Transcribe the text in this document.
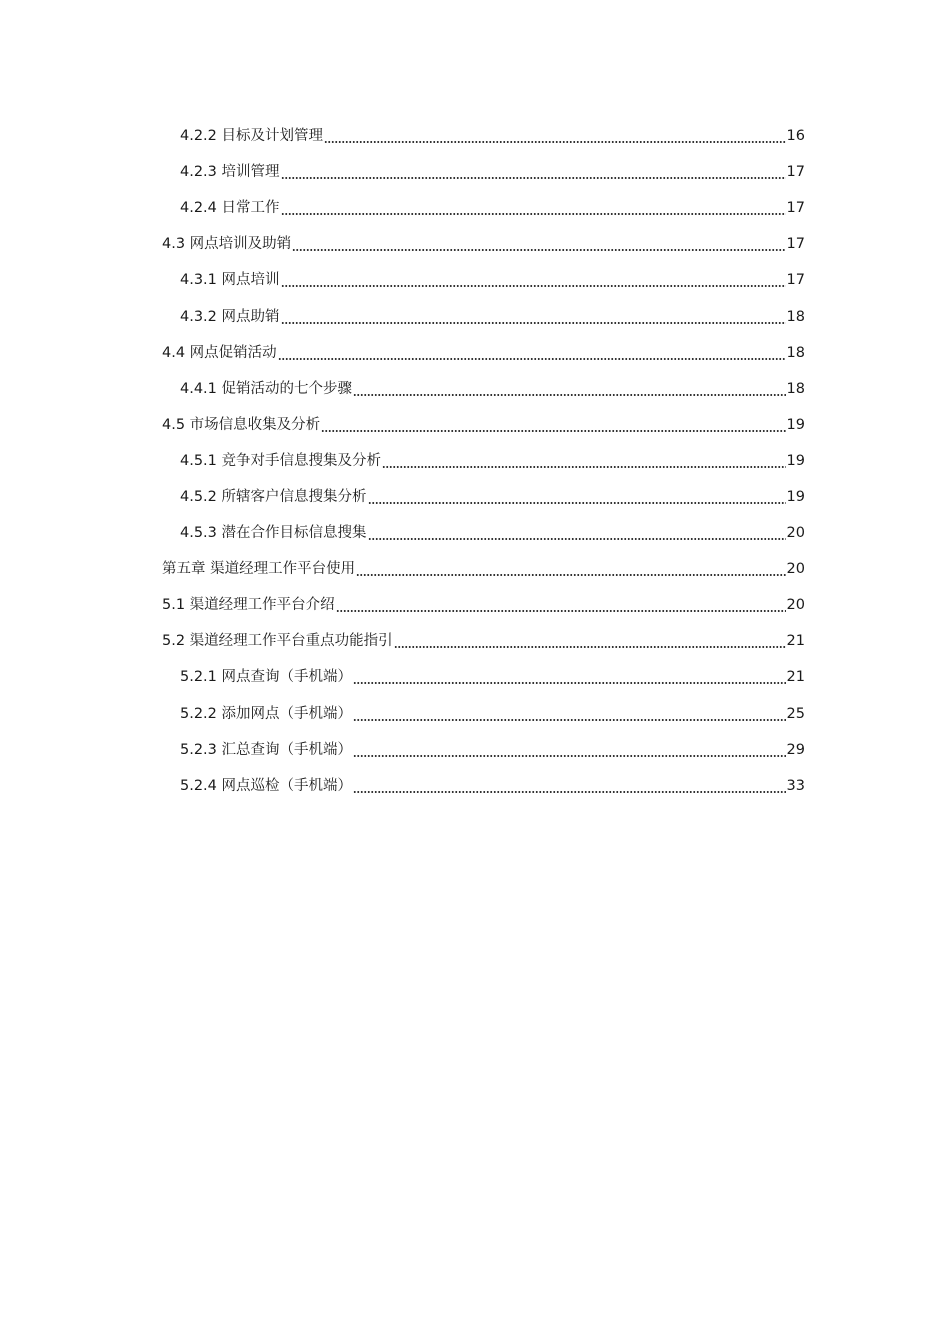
4.2.2 目标及计划管理	16
4.2.3 培训管理	17
4.2.4 日常工作	17
4.3 网点培训及助销	17
4.3.1 网点培训	17
4.3.2 网点助销	18
4.4 网点促销活动	18
4.4.1 促销活动的七个步骤	18
4.5 市场信息收集及分析	19
4.5.1 竞争对手信息搜集及分析	19
4.5.2 所辖客户信息搜集分析	19
4.5.3 潜在合作目标信息搜集	20
第五章 渠道经理工作平台使用	20
5.1 渠道经理工作平台介绍	20
5.2 渠道经理工作平台重点功能指引	21
5.2.1 网点查询（手机端）	21
5.2.2 添加网点（手机端）	25
5.2.3 汇总查询（手机端）	29
5.2.4 网点巡检（手机端）	33
